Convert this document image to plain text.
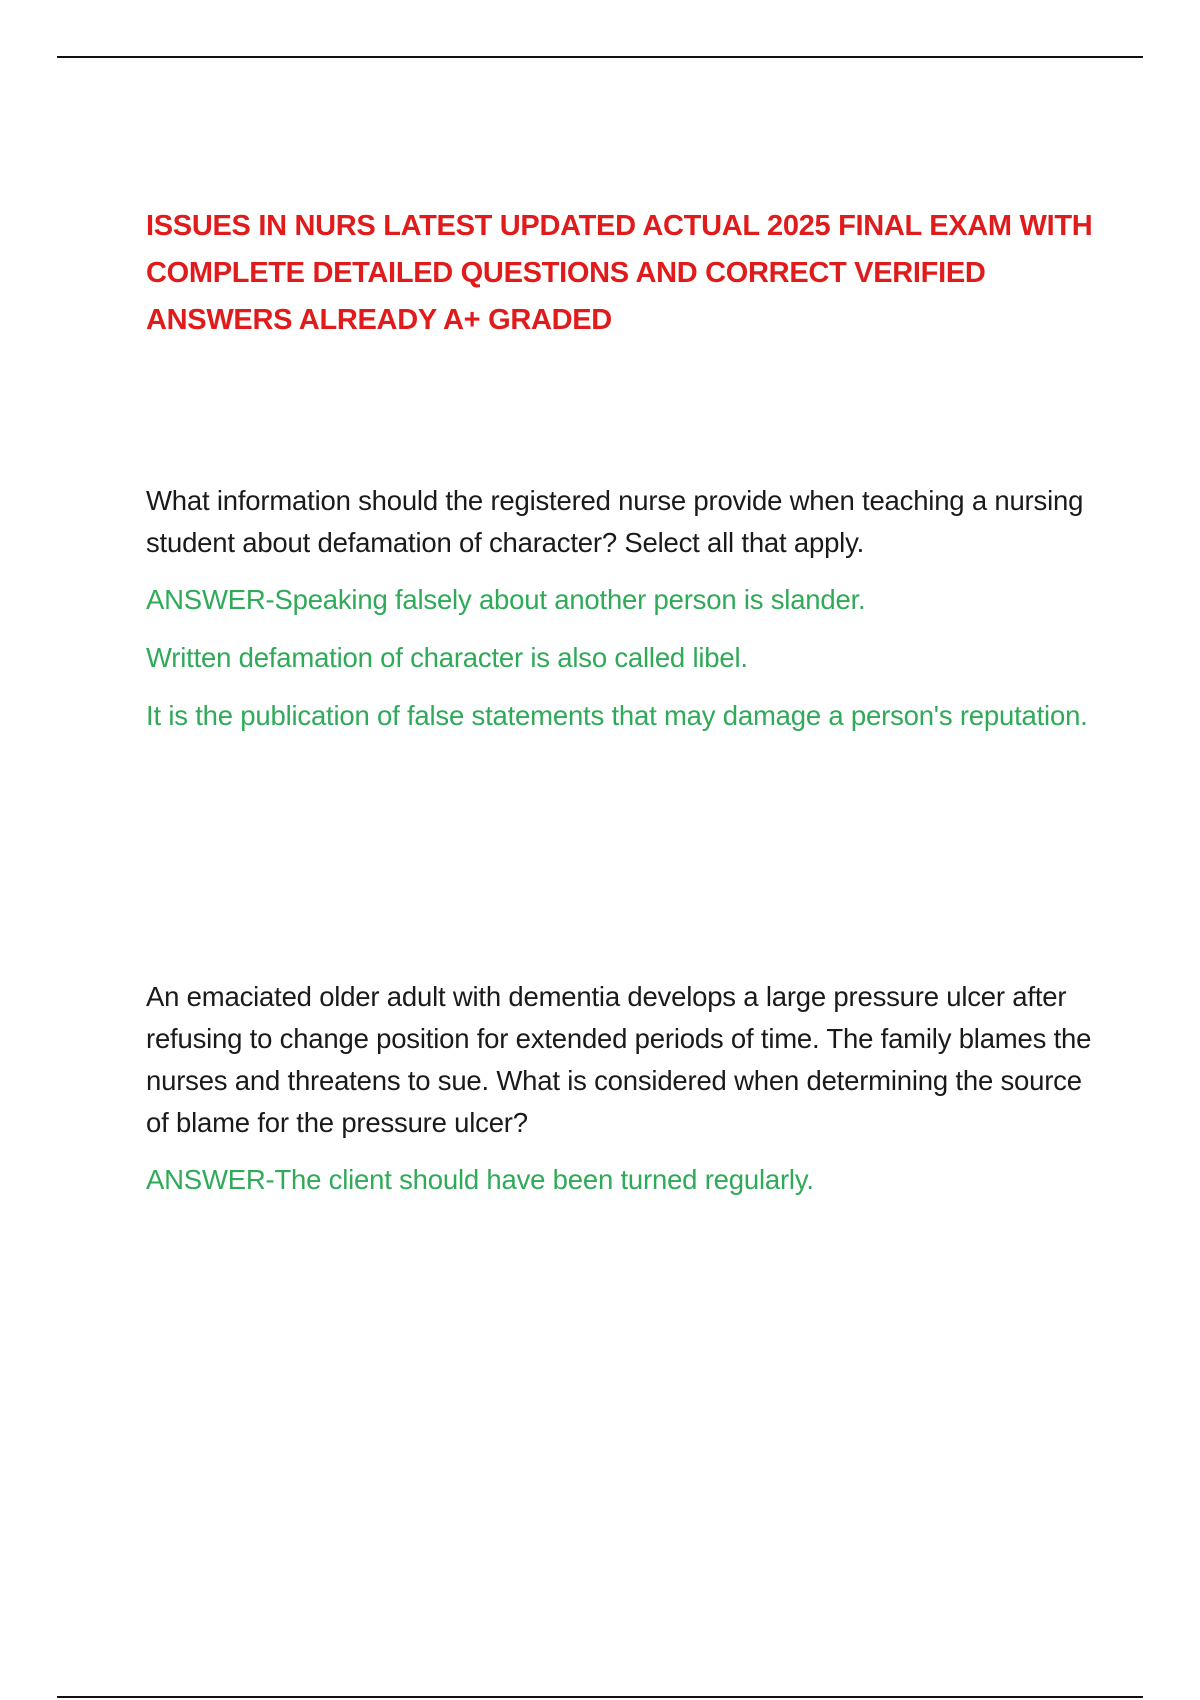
ISSUES IN NURS LATEST UPDATED ACTUAL 2025 FINAL EXAM WITH COMPLETE DETAILED QUESTIONS AND CORRECT VERIFIED ANSWERS ALREADY A+ GRADED

What information should the registered nurse provide when teaching a nursing student about defamation of character? Select all that apply.

ANSWER-Speaking falsely about another person is slander.
Written defamation of character is also called libel.
It is the publication of false statements that may damage a person's reputation.

An emaciated older adult with dementia develops a large pressure ulcer after refusing to change position for extended periods of time. The family blames the nurses and threatens to sue. What is considered when determining the source of blame for the pressure ulcer?

ANSWER-The client should have been turned regularly.
